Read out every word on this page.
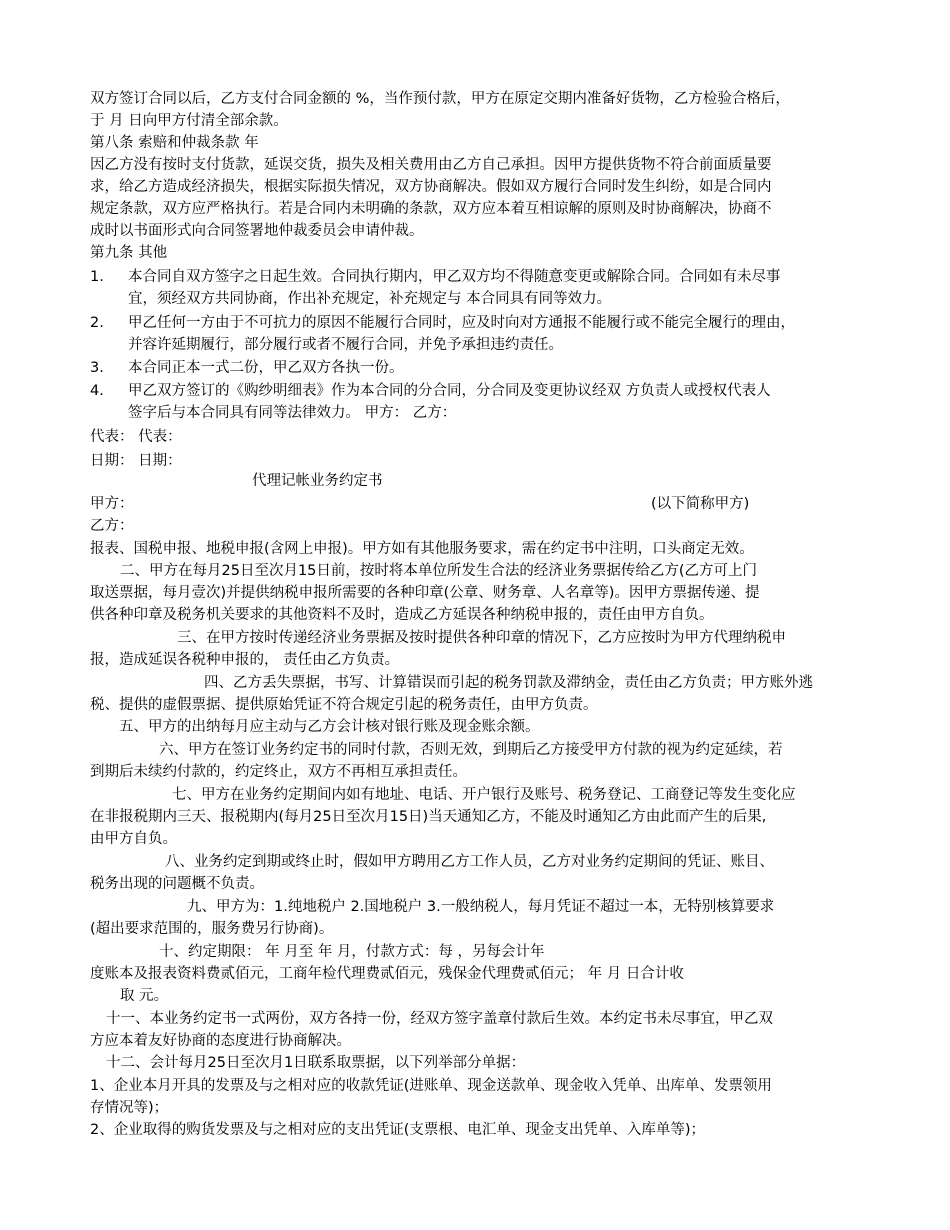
双方签订合同以后，乙方支付合同金额的 %，当作预付款，甲方在原定交期内准备好货物，乙方检验合格后，

于 月 日向甲方付清全部余款。

第八条 索赔和仲裁条款 年

因乙方没有按时支付货款，延误交货，损失及相关费用由乙方自己承担。因甲方提供货物不符合前面质量要

求，给乙方造成经济损失，根据实际损失情况，双方协商解决。假如双方履行合同时发生纠纷，如是合同内

规定条款，双方应严格执行。若是合同内未明确的条款，双方应本着互相谅解的原则及时协商解决，协商不

成时以书面形式向合同签署地仲裁委员会申请仲裁。

第九条 其他

1. 本合同自双方签字之日起生效。合同执行期内，甲乙双方均不得随意变更或解除合同。合同如有未尽事
宜，须经双方共同协商，作出补充规定，补充规定与 本合同具有同等效力。
2. 甲乙任何一方由于不可抗力的原因不能履行合同时，应及时向对方通报不能履行或不能完全履行的理由，
并容许延期履行，部分履行或者不履行合同，并免予承担违约责任。
3. 本合同正本一式二份，甲乙双方各执一份。
4. 甲乙双方签订的《购纱明细表》作为本合同的分合同，分合同及变更协议经双 方负责人或授权代表人
签字后与本合同具有同等法律效力。 甲方： 乙方：

代表： 代表：

日期： 日期：

代理记帐业务约定书
甲方：	(以下简称甲方)
乙方：

报表、国税申报、地税申报(含网上申报)。甲方如有其他服务要求，需在约定书中注明，口头商定无效。

二、甲方在每月25日至次月15日前，按时将本单位所发生合法的经济业务票据传给乙方(乙方可上门

取送票据，每月壹次)并提供纳税申报所需要的各种印章(公章、财务章、人名章等)。因甲方票据传递、提

供各种印章及税务机关要求的其他资料不及时，造成乙方延误各种纳税申报的，责任由甲方自负。

三、在甲方按时传递经济业务票据及按时提供各种印章的情况下，乙方应按时为甲方代理纳税申

报，造成延误各税种申报的， 责任由乙方负责。

四、乙方丢失票据，书写、计算错误而引起的税务罚款及滞纳金，责任由乙方负责；甲方账外逃

税、提供的虚假票据、提供原始凭证不符合规定引起的税务责任，由甲方负责。

五、甲方的出纳每月应主动与乙方会计核对银行账及现金账余额。

六、甲方在签订业务约定书的同时付款，否则无效，到期后乙方接受甲方付款的视为约定延续，若

到期后未续约付款的，约定终止，双方不再相互承担责任。

七、甲方在业务约定期间内如有地址、电话、开户银行及账号、税务登记、工商登记等发生变化应

在非报税期内三天、报税期内(每月25日至次月15日)当天通知乙方，不能及时通知乙方由此而产生的后果,

由甲方自负。

八、业务约定到期或终止时，假如甲方聘用乙方工作人员，乙方对业务约定期间的凭证、账目、

税务出现的问题概不负责。

九、甲方为：1.纯地税户 2.国地税户 3.一般纳税人，每月凭证不超过一本，无特别核算要求

(超出要求范围的，服务费另行协商)。

十、约定期限： 年 月至 年 月，付款方式：每 ，另每会计年

度账本及报表资料费贰佰元，工商年检代理费贰佰元，残保金代理费贰佰元； 年 月 日合计收

取 元。

十一、本业务约定书一式两份，双方各持一份，经双方签字盖章付款后生效。本约定书未尽事宜，甲乙双

方应本着友好协商的态度进行协商解决。

十二、会计每月25日至次月1日联系取票据，以下列举部分单据：

1、企业本月开具的发票及与之相对应的收款凭证(进账单、现金送款单、现金收入凭单、出库单、发票领用

存情况等)；

2、企业取得的购货发票及与之相对应的支出凭证(支票根、电汇单、现金支出凭单、入库单等)；
